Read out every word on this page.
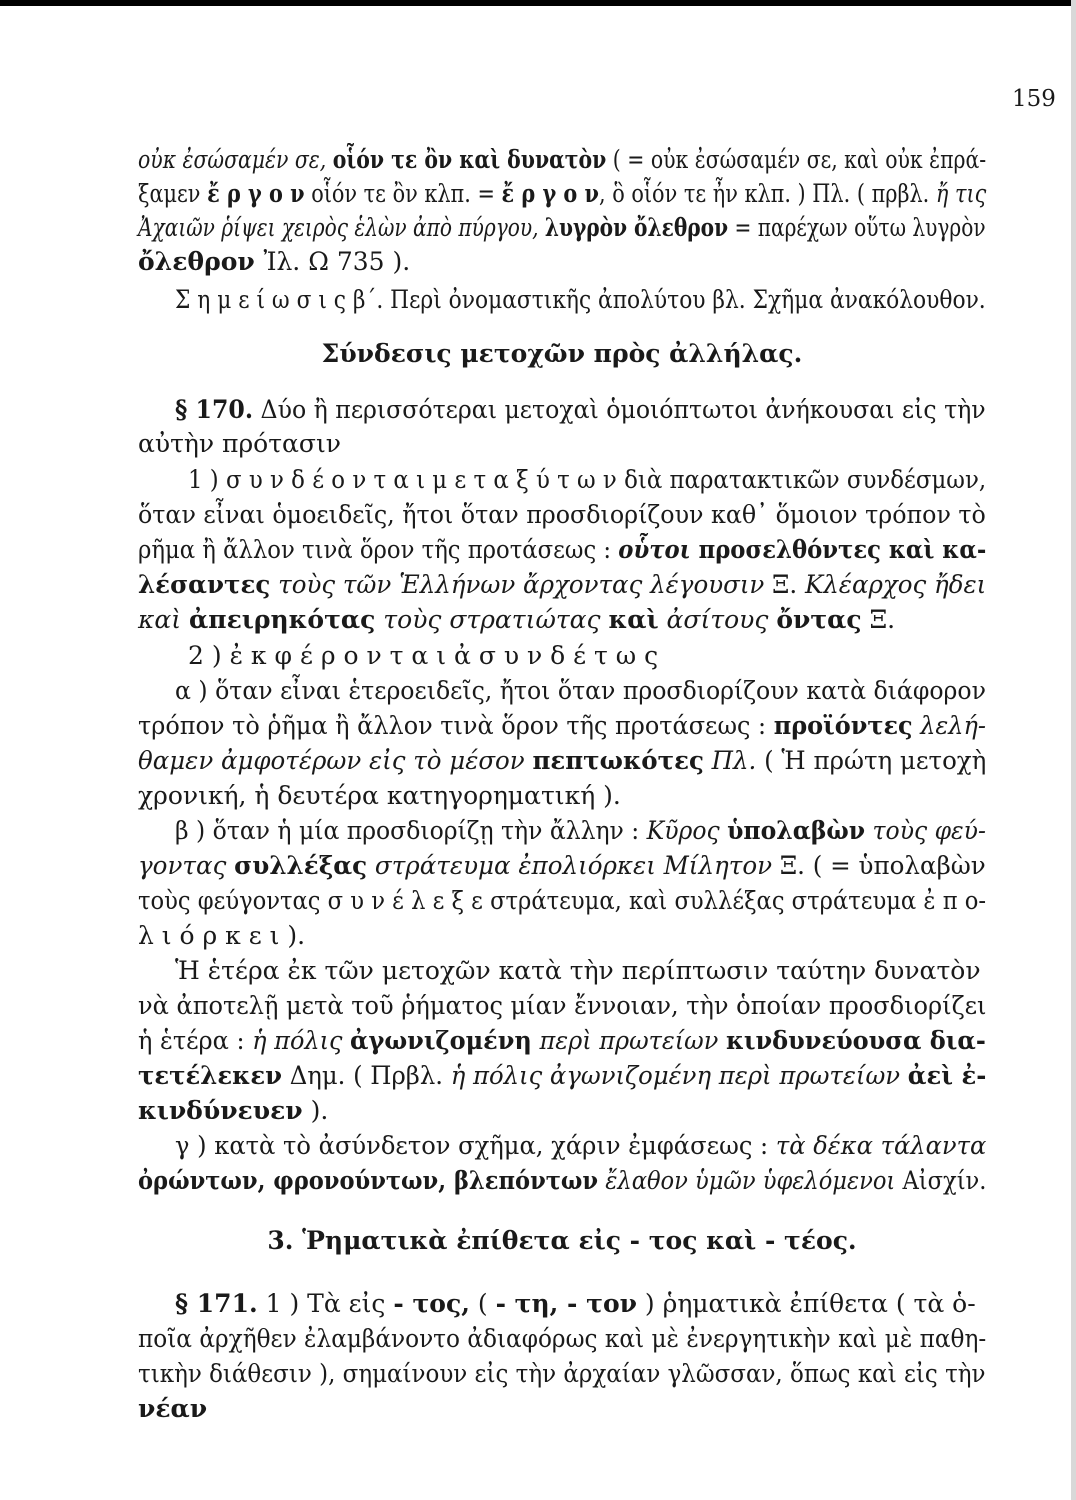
159
οὐκ ἐσώσαμέν σε, οἷόν τε ὂν καὶ δυνατὸν ( = οὐκ ἐσώσαμέν σε, καὶ οὐκ ἐπρά-
ξαμεν ἔ ρ γ ο ν οἷόν τε ὂν κλπ. = ἔ ρ γ ο ν, ὃ οἷόν τε ἦν κλπ. ) Πλ. ( πρβλ. ἤ τις
Ἀχαιῶν ῥίψει χειρὸς ἑλὼν ἀπὸ πύργου, λυγρὸν ὄλεθρον = παρέχων οὕτω λυγρὸν
ὄλεθρον Ἰλ. Ω 735 ).
Σ η μ ε ί ω σ ι ς β΄. Περὶ ὀνομαστικῆς ἀπολύτου βλ. Σχῆμα ἀνακόλουθον.
Σύνδεσις μετοχῶν πρὸς ἀλλήλας.
§ 170. Δύο ἢ περισσότεραι μετοχαὶ ὁμοιόπτωτοι ἀνήκουσαι εἰς τὴν
αὐτὴν πρότασιν
1 ) σ υ ν δ έ ο ν τ α ι μ ε τ α ξ ύ τ ω ν διὰ παρατακτικῶν συνδέσμων,
ὅταν εἶναι ὁμοειδεῖς, ἤτοι ὅταν προσδιορίζουν καθ᾽ ὅμοιον τρόπον τὸ
ρῆμα ἢ ἄλλον τινὰ ὅρον τῆς προτάσεως : οὗτοι προσελθόντες καὶ κα-
λέσαντες τοὺς τῶν Ἑλλήνων ἄρχοντας λέγουσιν Ξ. Κλέαρχος ἤδει
καὶ ἀπειρηκότας τοὺς στρατιώτας καὶ ἀσίτους ὄντας Ξ.
2 ) ἐ κ φ έ ρ ο ν τ α ι ἀ σ υ ν δ έ τ ω ς
α ) ὅταν εἶναι ἑτεροειδεῖς, ἤτοι ὅταν προσδιορίζουν κατὰ διάφορον
τρόπον τὸ ῥῆμα ἢ ἄλλον τινὰ ὅρον τῆς προτάσεως : προϊόντες λελή-
θαμεν ἀμφοτέρων εἰς τὸ μέσον πεπτωκότες Πλ. ( Ἡ πρώτη μετοχὴ
χρονική, ἡ δευτέρα κατηγορηματική ).
β ) ὅταν ἡ μία προσδιορίζῃ τὴν ἄλλην : Κῦρος ὑπολαβὼν τοὺς φεύ-
γοντας συλλέξας στράτευμα ἐπολιόρκει Μίλητον Ξ. ( = ὑπολαβὼν
τοὺς φεύγοντας σ υ ν έ λ ε ξ ε στράτευμα, καὶ συλλέξας στράτευμα ἐ π ο-
λ ι ό ρ κ ε ι ).
Ἡ ἑτέρα ἐκ τῶν μετοχῶν κατὰ τὴν περίπτωσιν ταύτην δυνατὸν
νὰ ἀποτελῇ μετὰ τοῦ ῥήματος μίαν ἔννοιαν, τὴν ὁποίαν προσδιορίζει
ἡ ἑτέρα : ἡ πόλις ἀγωνιζομένη περὶ πρωτείων κινδυνεύουσα δια-
τετέλεκεν Δημ. ( Πρβλ. ἡ πόλις ἀγωνιζομένη περὶ πρωτείων ἀεὶ ἐ-
κινδύνευεν ).
γ ) κατὰ τὸ ἀσύνδετον σχῆμα, χάριν ἐμφάσεως : τὰ δέκα τάλαντα
ὀρώντων, φρονούντων, βλεπόντων ἔλαθον ὑμῶν ὑφελόμενοι Αἰσχίν.
3. Ῥηματικὰ ἐπίθετα εἰς - τος καὶ - τέος.
§ 171. 1 ) Τὰ εἰς - τος, ( - τη, - τον ) ῥηματικὰ ἐπίθετα ( τὰ ὁ-
ποῖα ἀρχῆθεν ἐλαμβάνοντο ἀδιαφόρως καὶ μὲ ἐνεργητικὴν καὶ μὲ παθη-
τικὴν διάθεσιν ), σημαίνουν εἰς τὴν ἀρχαίαν γλῶσσαν, ὅπως καὶ εἰς τὴν
νέαν
